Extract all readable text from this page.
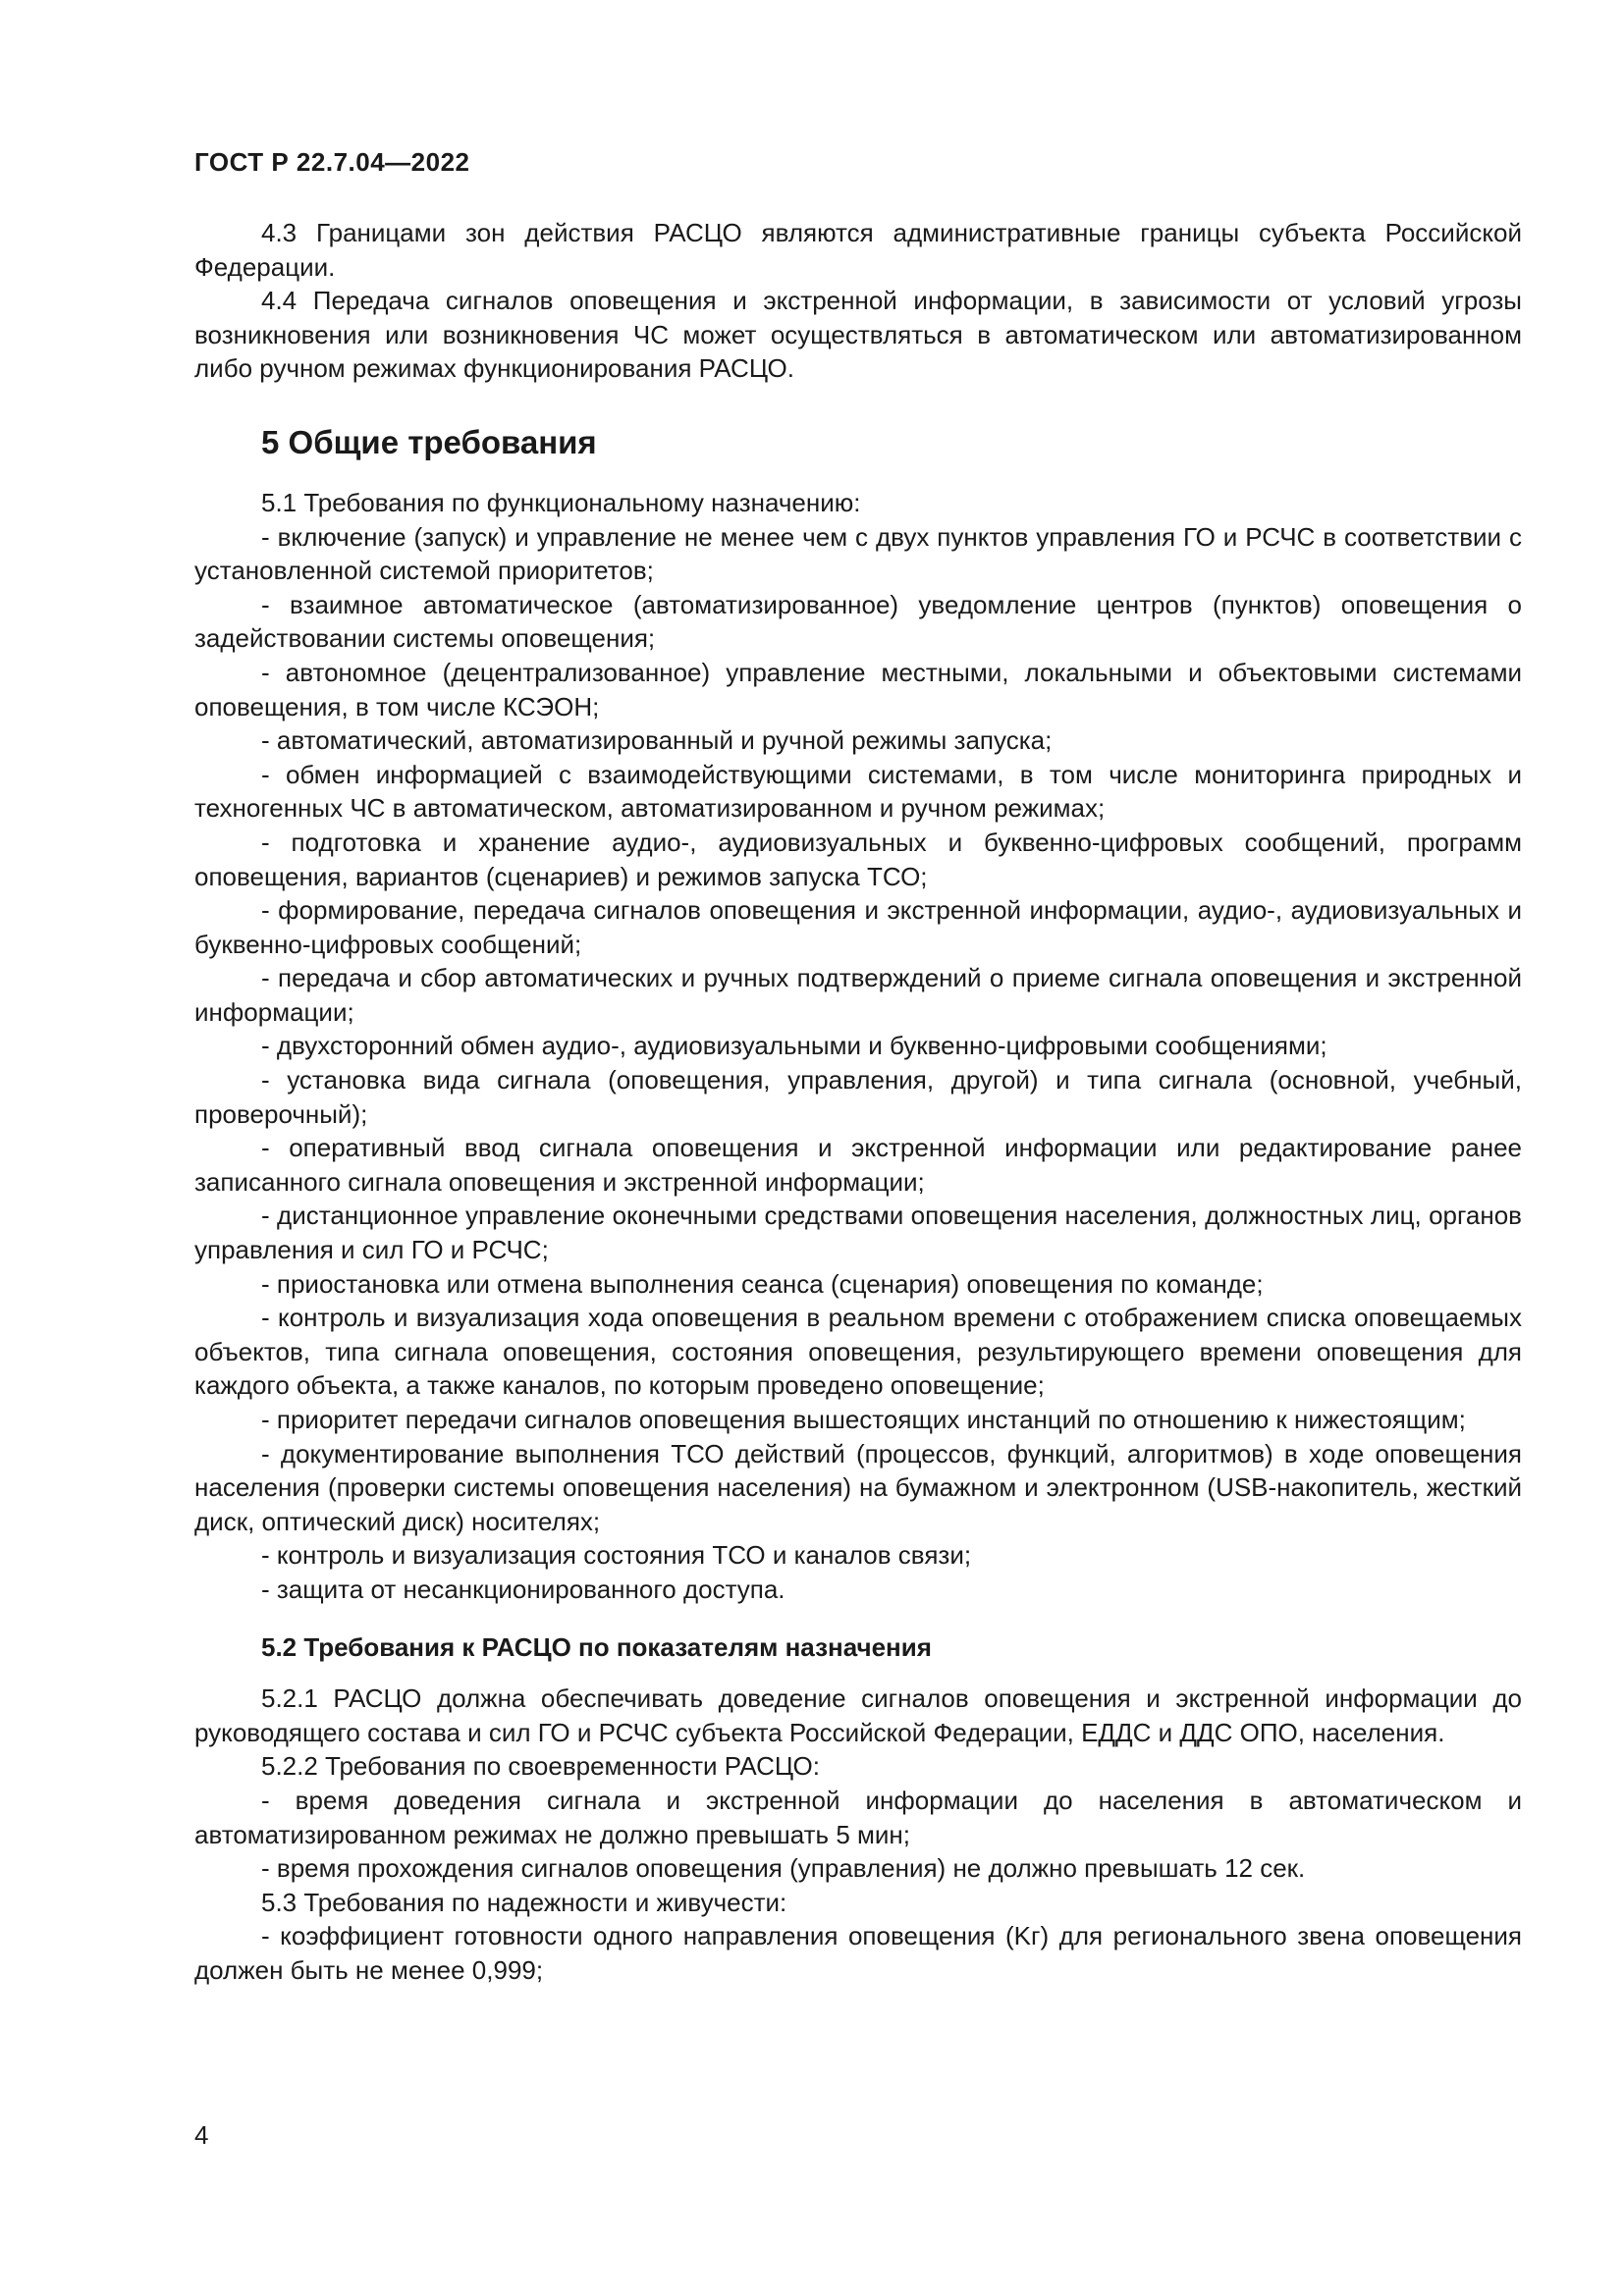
ГОСТ Р 22.7.04—2022

4.3 Границами зон действия РАСЦО являются административные границы субъекта Российской Федерации.

4.4 Передача сигналов оповещения и экстренной информации, в зависимости от условий угрозы возникновения или возникновения ЧС может осуществляться в автоматическом или автоматизированном либо ручном режимах функционирования РАСЦО.

5 Общие требования

5.1 Требования по функциональному назначению:

- включение (запуск) и управление не менее чем с двух пунктов управления ГО и РСЧС в соответствии с установленной системой приоритетов;

- взаимное автоматическое (автоматизированное) уведомление центров (пунктов) оповещения о задействовании системы оповещения;

- автономное (децентрализованное) управление местными, локальными и объектовыми системами оповещения, в том числе КСЭОН;

- автоматический, автоматизированный и ручной режимы запуска;

- обмен информацией с взаимодействующими системами, в том числе мониторинга природных и техногенных ЧС в автоматическом, автоматизированном и ручном режимах;

- подготовка и хранение аудио-, аудиовизуальных и буквенно-цифровых сообщений, программ оповещения, вариантов (сценариев) и режимов запуска ТСО;

- формирование, передача сигналов оповещения и экстренной информации, аудио-, аудиовизуальных и буквенно-цифровых сообщений;

- передача и сбор автоматических и ручных подтверждений о приеме сигнала оповещения и экстренной информации;

- двухсторонний обмен аудио-, аудиовизуальными и буквенно-цифровыми сообщениями;

- установка вида сигнала (оповещения, управления, другой) и типа сигнала (основной, учебный, проверочный);

- оперативный ввод сигнала оповещения и экстренной информации или редактирование ранее записанного сигнала оповещения и экстренной информации;

- дистанционное управление оконечными средствами оповещения населения, должностных лиц, органов управления и сил ГО и РСЧС;

- приостановка или отмена выполнения сеанса (сценария) оповещения по команде;

- контроль и визуализация хода оповещения в реальном времени с отображением списка оповещаемых объектов, типа сигнала оповещения, состояния оповещения, результирующего времени оповещения для каждого объекта, а также каналов, по которым проведено оповещение;

- приоритет передачи сигналов оповещения вышестоящих инстанций по отношению к нижестоящим;

- документирование выполнения ТСО действий (процессов, функций, алгоритмов) в ходе оповещения населения (проверки системы оповещения населения) на бумажном и электронном (USB-накопитель, жесткий диск, оптический диск) носителях;

- контроль и визуализация состояния ТСО и каналов связи;

- защита от несанкционированного доступа.

5.2 Требования к РАСЦО по показателям назначения

5.2.1 РАСЦО должна обеспечивать доведение сигналов оповещения и экстренной информации до руководящего состава и сил ГО и РСЧС субъекта Российской Федерации, ЕДДС и ДДС ОПО, населения.

5.2.2 Требования по своевременности РАСЦО:

- время доведения сигнала и экстренной информации до населения в автоматическом и автоматизированном режимах не должно превышать 5 мин;

- время прохождения сигналов оповещения (управления) не должно превышать 12 сек.

5.3 Требования по надежности и живучести:

- коэффициент готовности одного направления оповещения (Kг) для регионального звена оповещения должен быть не менее 0,999;

4
